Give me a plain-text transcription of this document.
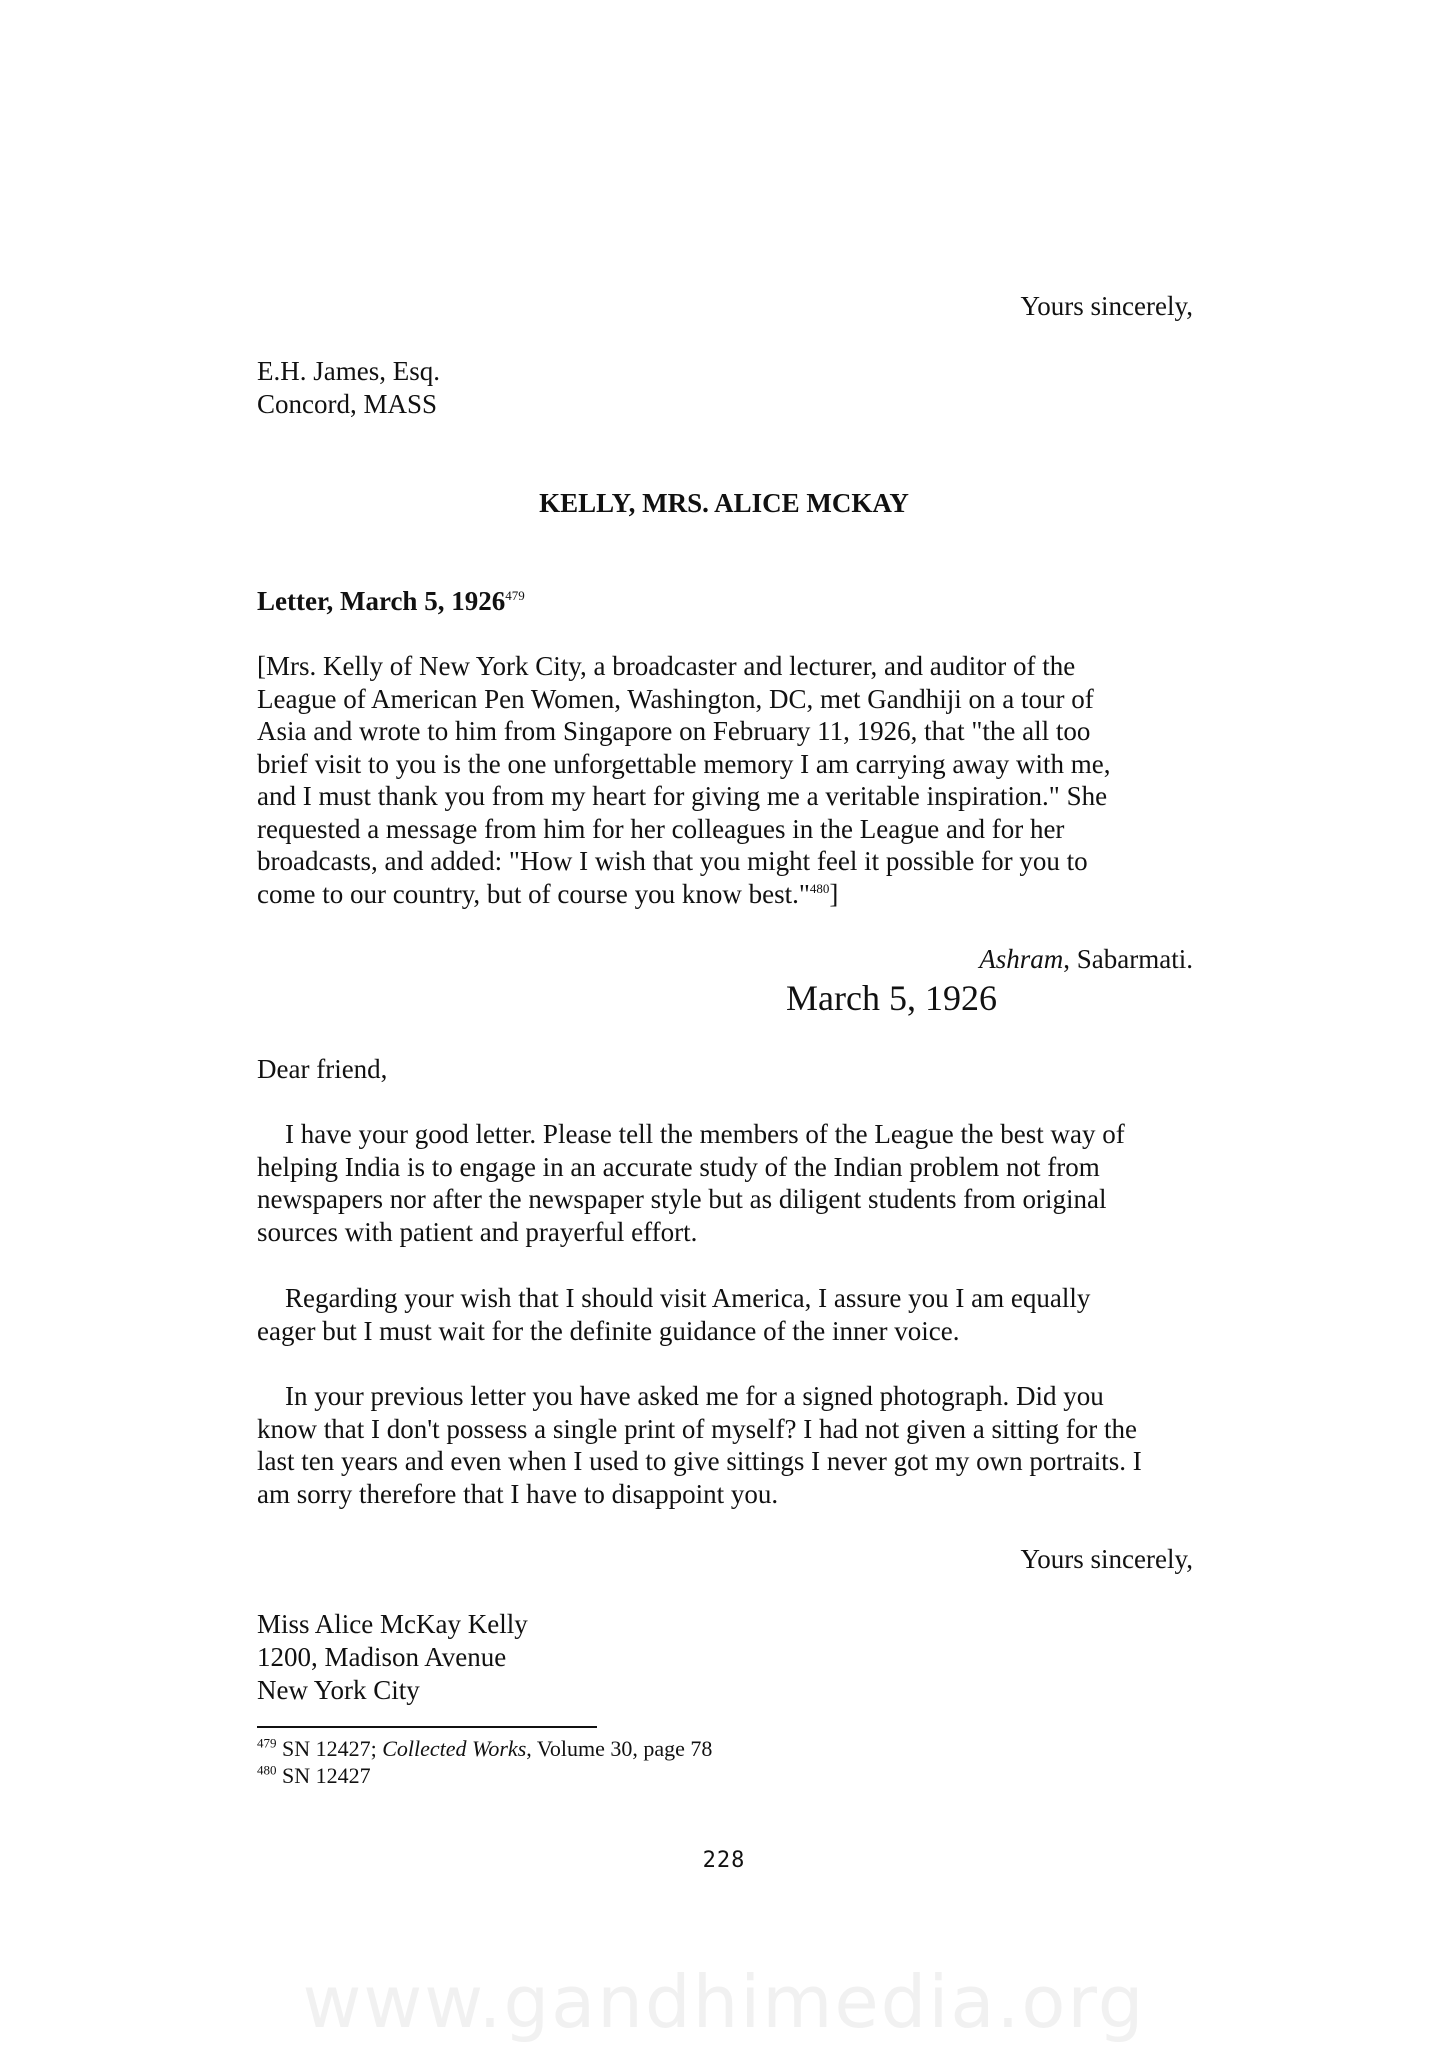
Yours sincerely,
E.H. James, Esq.
Concord, MASS
KELLY, MRS. ALICE MCKAY
Letter, March 5, 1926$^{479}$
[Mrs. Kelly of New York City, a broadcaster and lecturer, and auditor of the
League of American Pen Women, Washington, DC, met Gandhiji on a tour of
Asia and wrote to him from Singapore on February 11, 1926, that "the all too
brief visit to you is the one unforgettable memory I am carrying away with me,
and I must thank you from my heart for giving me a veritable inspiration." She
requested a message from him for her colleagues in the League and for her
broadcasts, and added: "How I wish that you might feel it possible for you to
come to our country, but of course you know best."$^{480}$]
Ashram, Sabarmati.
March 5, 1926
Dear friend,
I have your good letter. Please tell the members of the League the best way of
helping India is to engage in an accurate study of the Indian problem not from
newspapers nor after the newspaper style but as diligent students from original
sources with patient and prayerful effort.
Regarding your wish that I should visit America, I assure you I am equally
eager but I must wait for the definite guidance of the inner voice.
In your previous letter you have asked me for a signed photograph. Did you
know that I don't possess a single print of myself? I had not given a sitting for the
last ten years and even when I used to give sittings I never got my own portraits. I
am sorry therefore that I have to disappoint you.
Yours sincerely,
Miss Alice McKay Kelly
1200, Madison Avenue
New York City
$^{479}$ SN 12427; Collected Works, Volume 30, page 78
$^{480}$ SN 12427
228
www.gandhimedia.org
